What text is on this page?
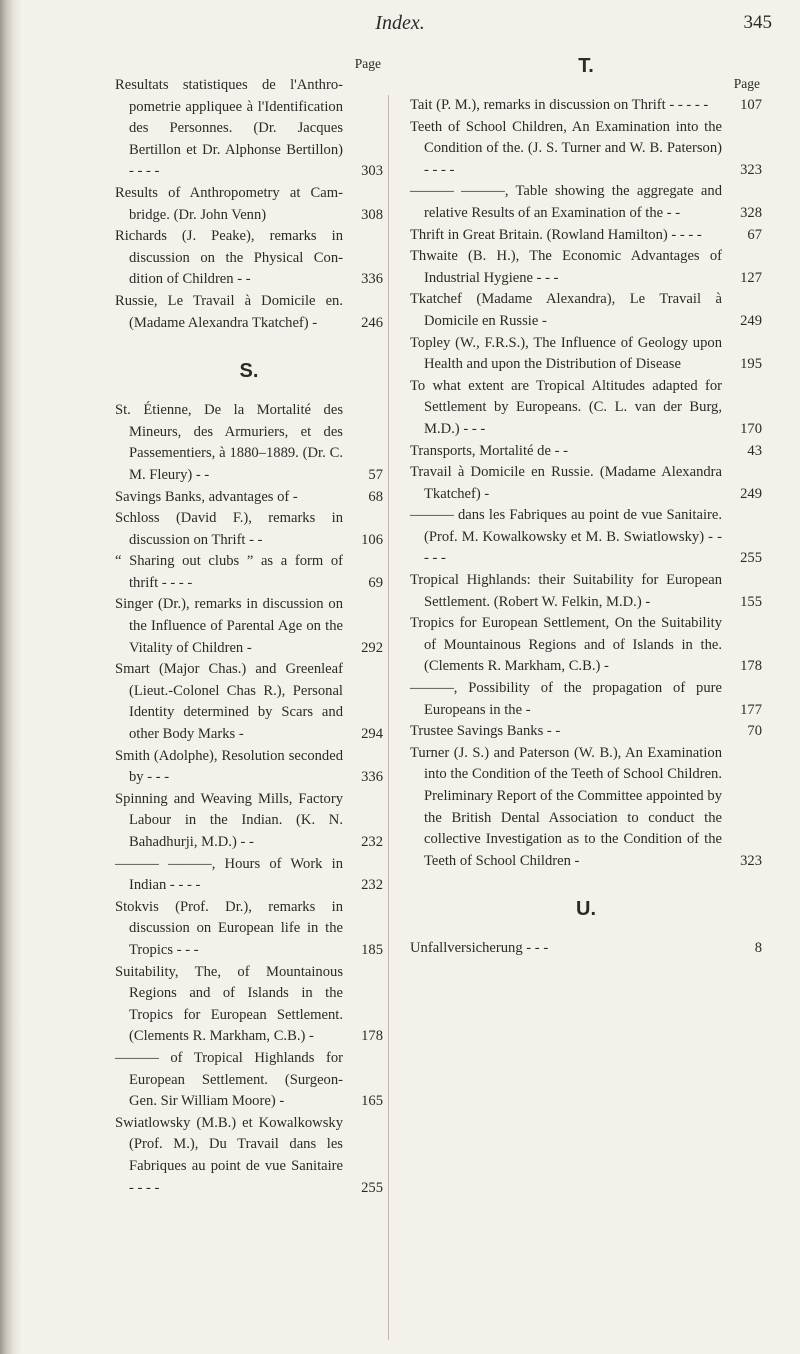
Index.	345
Page
Resultats statistiques de l'Anthropometrie appliquee à l'Identification des Personnes. (Dr. Jacques Bertillon et Dr. Alphonse Bertillon) - - - -	303
Results of Anthropometry at Cambridge. (Dr. John Venn)	308
Richards (J. Peake), remarks in discussion on the Physical Condition of Children - -	336
Russie, Le Travail à Domicile en. (Madame Alexandra Tkatchef) -	246
S.
St. Étienne, De la Mortalité des Mineurs, des Armuriers, et des Passementiers, à 1880–1889. (Dr. C. M. Fleury) - -	57
Savings Banks, advantages of -	68
Schloss (David F.), remarks in discussion on Thrift - -	106
“ Sharing out clubs ” as a form of thrift - - - -	69
Singer (Dr.), remarks in discussion on the Influence of Parental Age on the Vitality of Children -	292
Smart (Major Chas.) and Greenleaf (Lieut.-Colonel Chas R.), Personal Identity determined by Scars and other Body Marks -	294
Smith (Adolphe), Resolution seconded by - - -	336
Spinning and Weaving Mills, Factory Labour in the Indian. (K. N. Bahadhurji, M.D.) - -	232
——— ———, Hours of Work in Indian - - - -	232
Stokvis (Prof. Dr.), remarks in discussion on European life in the Tropics - - -	185
Suitability, The, of Mountainous Regions and of Islands in the Tropics for European Settlement. (Clements R. Markham, C.B.) -	178
——— of Tropical Highlands for European Settlement. (Surgeon-Gen. Sir William Moore) -	165
Swiatlowsky (M.B.) et Kowalkowsky (Prof. M.), Du Travail dans les Fabriques au point de vue Sanitaire - - - -	255
T.
Page
Tait (P. M.), remarks in discussion on Thrift - - - - -	107
Teeth of School Children, An Examination into the Condition of the. (J. S. Turner and W. B. Paterson) - - - -	323
——— ———, Table showing the aggregate and relative Results of an Examination of the - -	328
Thrift in Great Britain. (Rowland Hamilton) - - - -	67
Thwaite (B. H.), The Economic Advantages of Industrial Hygiene - - -	127
Tkatchef (Madame Alexandra), Le Travail à Domicile en Russie -	249
Topley (W., F.R.S.), The Influence of Geology upon Health and upon the Distribution of Disease	195
To what extent are Tropical Altitudes adapted for Settlement by Europeans. (C. L. van der Burg, M.D.) - - -	170
Transports, Mortalité de - -	43
Travail à Domicile en Russie. (Madame Alexandra Tkatchef) -	249
——— dans les Fabriques au point de vue Sanitaire. (Prof. M. Kowalkowsky et M. B. Swiatlowsky) - - - - -	255
Tropical Highlands: their Suitability for European Settlement. (Robert W. Felkin, M.D.) -	155
Tropics for European Settlement, On the Suitability of Mountainous Regions and of Islands in the. (Clements R. Markham, C.B.) -	178
———, Possibility of the propagation of pure Europeans in the -	177
Trustee Savings Banks - -	70
Turner (J. S.) and Paterson (W. B.), An Examination into the Condition of the Teeth of School Children. Preliminary Report of the Committee appointed by the British Dental Association to conduct the collective Investigation as to the Condition of the Teeth of School Children -	323
U.
Unfallversicherung - - -	8
